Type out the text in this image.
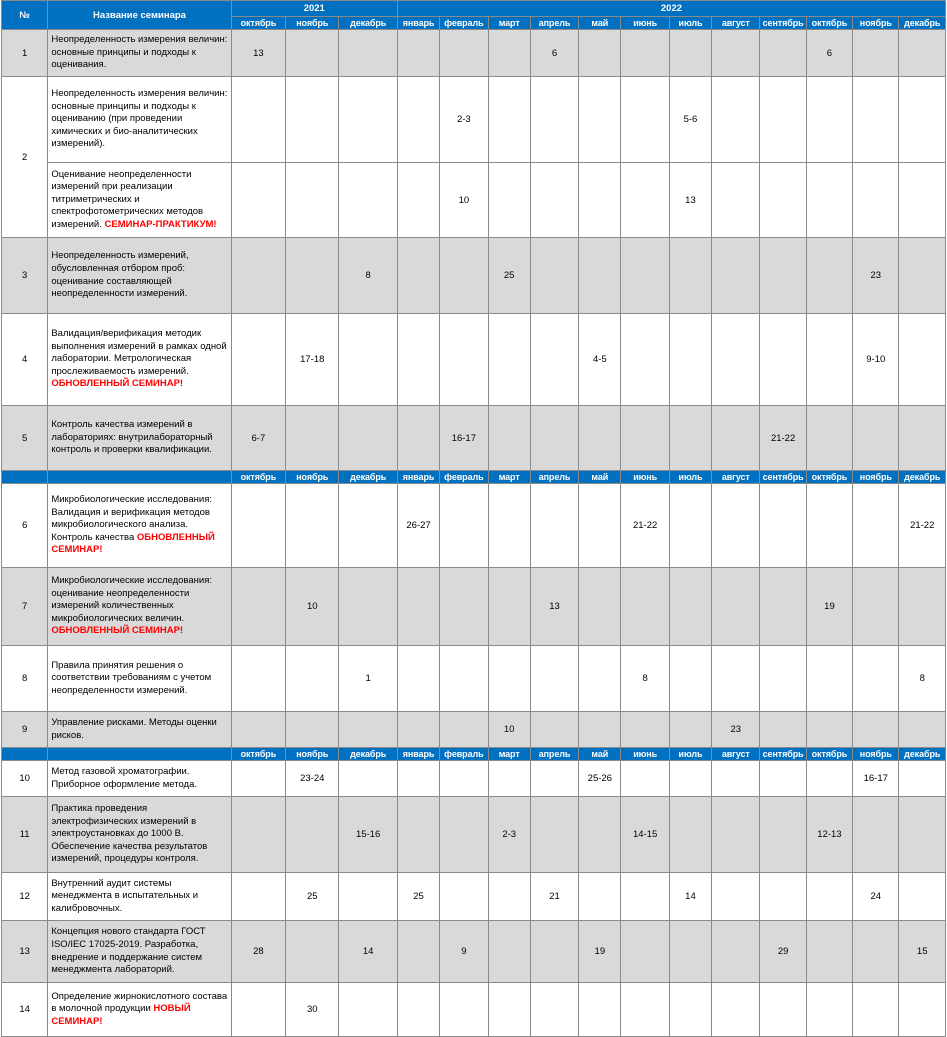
№	Название семинара	2021			2022											
		октябрь	ноябрь	декабрь	январь	февраль	март	апрель	май	июнь	июль	август	сентябрь	октябрь	ноябрь	декабрь
1	Неопределенность измерения величин: основные принципы и подходы к оценивания.	13						6						6		
2	Неопределенность измерения величин: основные принципы и подходы к оцениванию (при проведении химических и био-аналитических измерений).					2-3					5-6					
	Оценивание неопределенности измерений при реализации титриметрических и спектрофотометрических методов измерений. СЕМИНАР-ПРАКТИКУМ!					10					13					
3	Неопределенность измерений, обусловленная отбором проб: оценивание составляющей неопределенности измерений.			8			25								23	
4	Валидация/верификация методик выполнения измерений в рамках одной лаборатории. Метрологическая прослеживаемость измерений. ОБНОВЛЕННЫЙ СЕМИНАР!		17-18						4-5						9-10	
5	Контроль качества измерений в лабораториях: внутрилабораторный контроль и проверки квалификации.	6-7				16-17							21-22			
		октябрь	ноябрь	декабрь	январь	февраль	март	апрель	май	июнь	июль	август	сентябрь	октябрь	ноябрь	декабрь
6	Микробиологические исследования: Валидация и верификация методов микробиологического анализа. Контроль качества ОБНОВЛЕННЫЙ СЕМИНАР!				26-27					21-22						21-22
7	Микробиологические исследования: оценивание неопределенности измерений количественных микробиологических величин. ОБНОВЛЕННЫЙ СЕМИНАР!		10					13						19		
8	Правила принятия решения о соответствии требованиям с учетом неопределенности измерений.			1						8						8
9	Управление рисками. Методы оценки рисков.						10					23				
		октябрь	ноябрь	декабрь	январь	февраль	март	апрель	май	июнь	июль	август	сентябрь	октябрь	ноябрь	декабрь
10	Метод газовой хроматографии. Приборное оформление метода.		23-24						25-26						16-17	
11	Практика проведения электрофизических измерений в электроустановках до 1000 В. Обеспечение качества результатов измерений, процедуры контроля.			15-16			2-3			14-15				12-13		
12	Внутренний аудит системы менеджмента в испытательных и калибровочных.		25		25			21			14				24	
13	Концепция нового стандарта ГОСТ ISO/IEC 17025-2019. Разработка, внедрение и поддержание систем менеджмента лабораторий.	28		14		9			19				29			15
14	Определение жирнокислотного состава в молочной продукции НОВЫЙ СЕМИНАР!		30													
